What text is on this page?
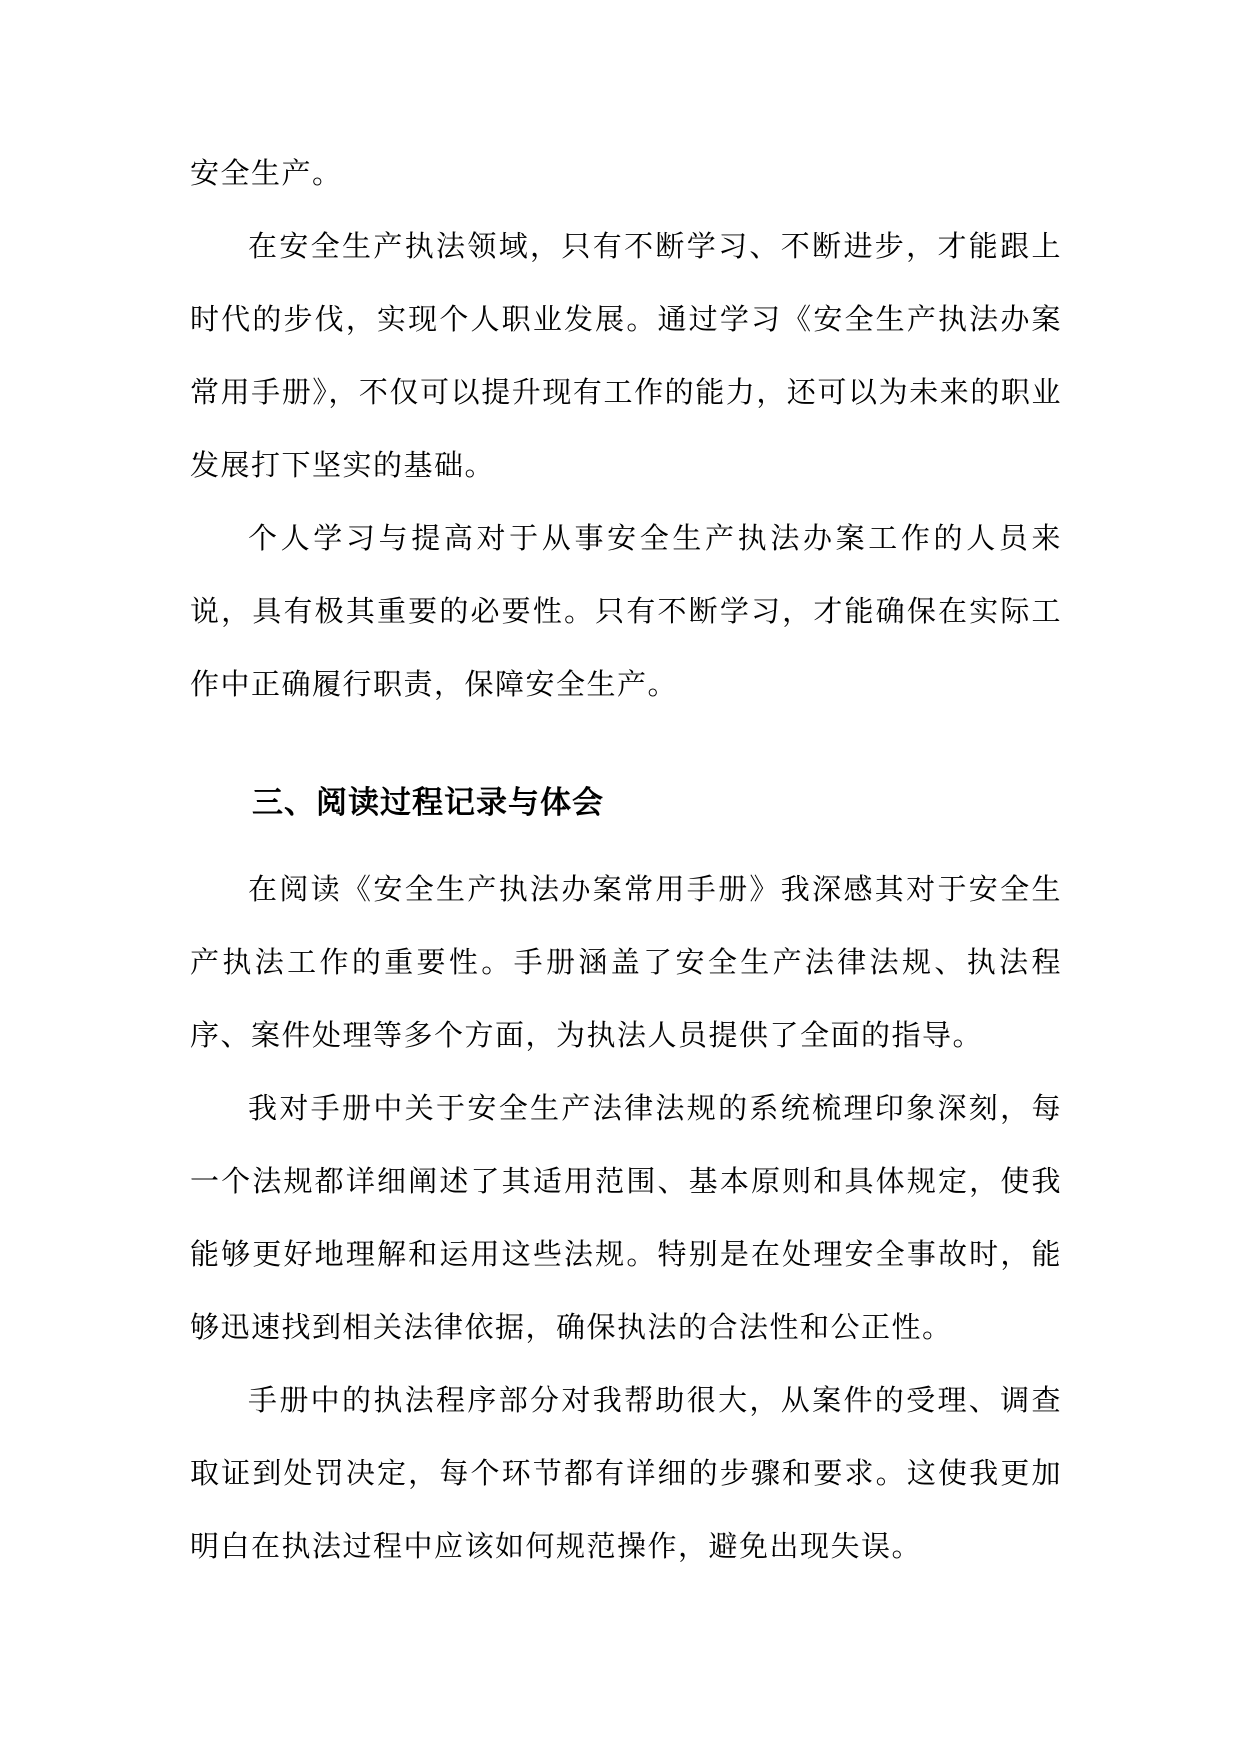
安全生产。

在安全生产执法领域，只有不断学习、不断进步，才能跟上时代的步伐，实现个人职业发展。通过学习《安全生产执法办案常用手册》，不仅可以提升现有工作的能力，还可以为未来的职业发展打下坚实的基础。

个人学习与提高对于从事安全生产执法办案工作的人员来说，具有极其重要的必要性。只有不断学习，才能确保在实际工作中正确履行职责，保障安全生产。

三、阅读过程记录与体会

在阅读《安全生产执法办案常用手册》我深感其对于安全生产执法工作的重要性。手册涵盖了安全生产法律法规、执法程序、案件处理等多个方面，为执法人员提供了全面的指导。

我对手册中关于安全生产法律法规的系统梳理印象深刻，每一个法规都详细阐述了其适用范围、基本原则和具体规定，使我能够更好地理解和运用这些法规。特别是在处理安全事故时，能够迅速找到相关法律依据，确保执法的合法性和公正性。

手册中的执法程序部分对我帮助很大，从案件的受理、调查取证到处罚决定，每个环节都有详细的步骤和要求。这使我更加明白在执法过程中应该如何规范操作，避免出现失误。
